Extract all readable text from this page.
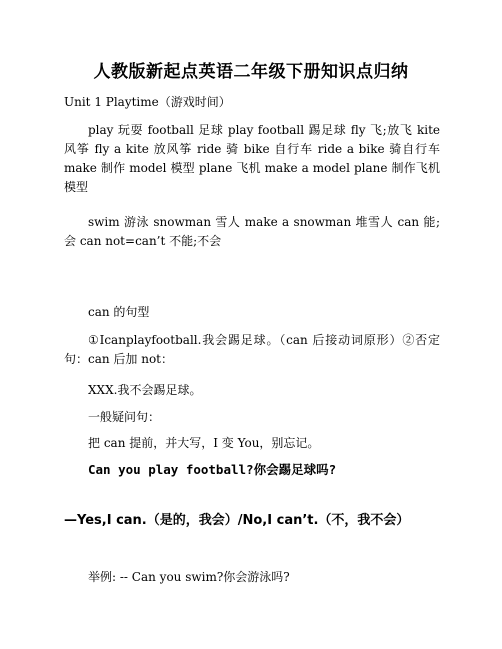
人教版新起点英语二年级下册知识点归纳
Unit 1 Playtime（游戏时间）
play 玩耍 football 足球 play football 踢足球 fly 飞;放飞 kite 风筝 fly a kite 放风筝 ride 骑 bike 自行车 ride a bike 骑自行车 make 制作 model 模型 plane 飞机 make a model plane 制作飞机模型
swim 游泳 snowman 雪人 make a snowman 堆雪人 can 能;会 can not=can’t 不能;不会
can 的句型
①Icanplayfootball.我会踢足球。（can 后接动词原形）②否定句：can 后加 not：
XXX.我不会踢足球。
一般疑问句：
把 can 提前，并大写，I 变 You，别忘记。
Can you play football?你会踢足球吗?
—Yes,I can.（是的，我会）/No,I can’t.（不，我不会）
举例: -- Can you swim?你会游泳吗?
